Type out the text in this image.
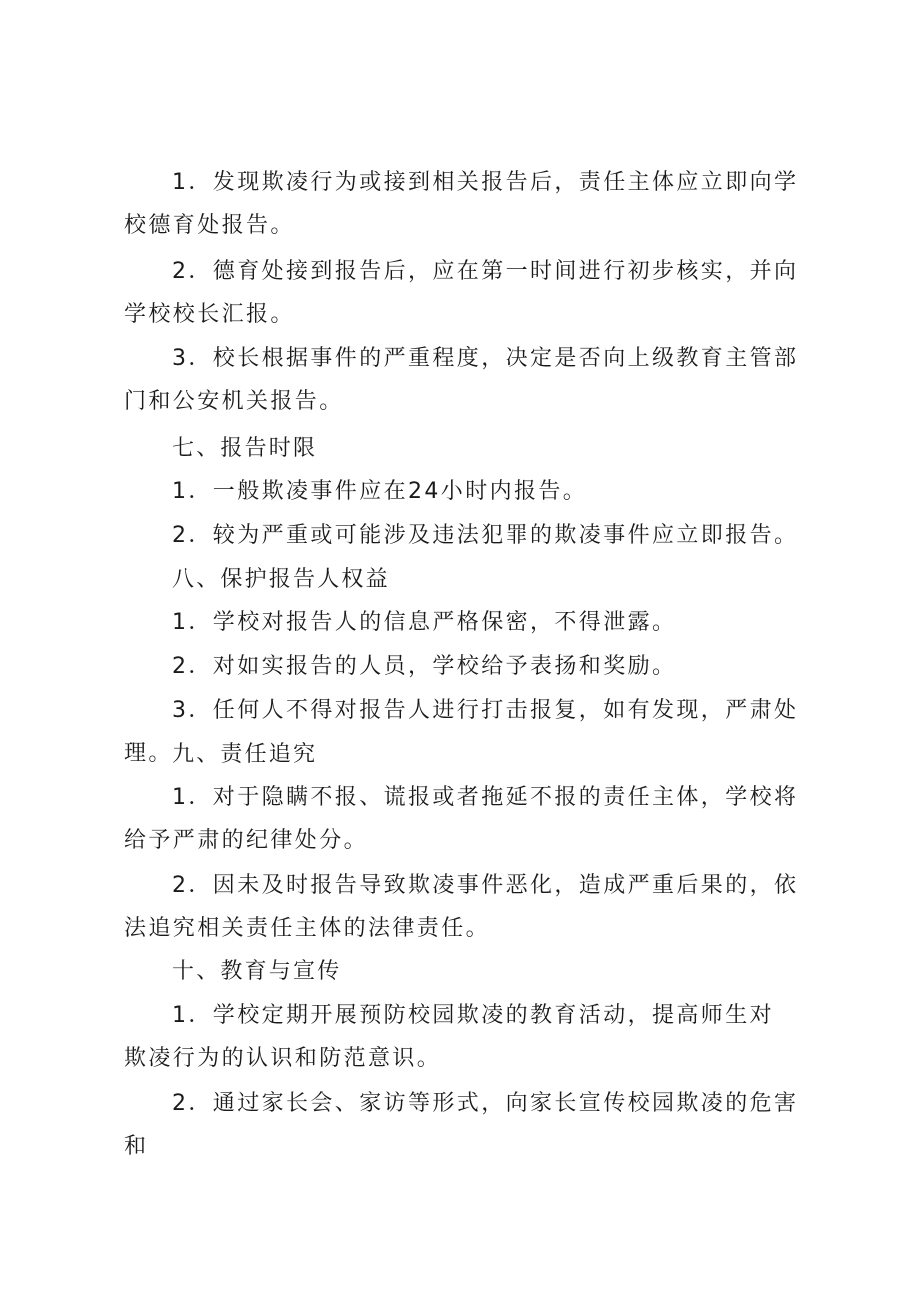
1．发现欺凌行为或接到相关报告后，责任主体应立即向学校德育处报告。

2．德育处接到报告后，应在第一时间进行初步核实，并向学校校长汇报。

3．校长根据事件的严重程度，决定是否向上级教育主管部门和公安机关报告。

七、报告时限

1．一般欺凌事件应在24小时内报告。

2．较为严重或可能涉及违法犯罪的欺凌事件应立即报告。

八、保护报告人权益

1．学校对报告人的信息严格保密，不得泄露。

2．对如实报告的人员，学校给予表扬和奖励。

3．任何人不得对报告人进行打击报复，如有发现，严肃处理。 九、责任追究

1．对于隐瞒不报、谎报或者拖延不报的责任主体，学校将给予严肃的纪律处分。

2．因未及时报告导致欺凌事件恶化，造成严重后果的，依法追究相关责任主体的法律责任。

十、教育与宣传

1．学校定期开展预防校园欺凌的教育活动，提高师生对欺凌行为的认识和防范意识。

2．通过家长会、家访等形式，向家长宣传校园欺凌的危害和
